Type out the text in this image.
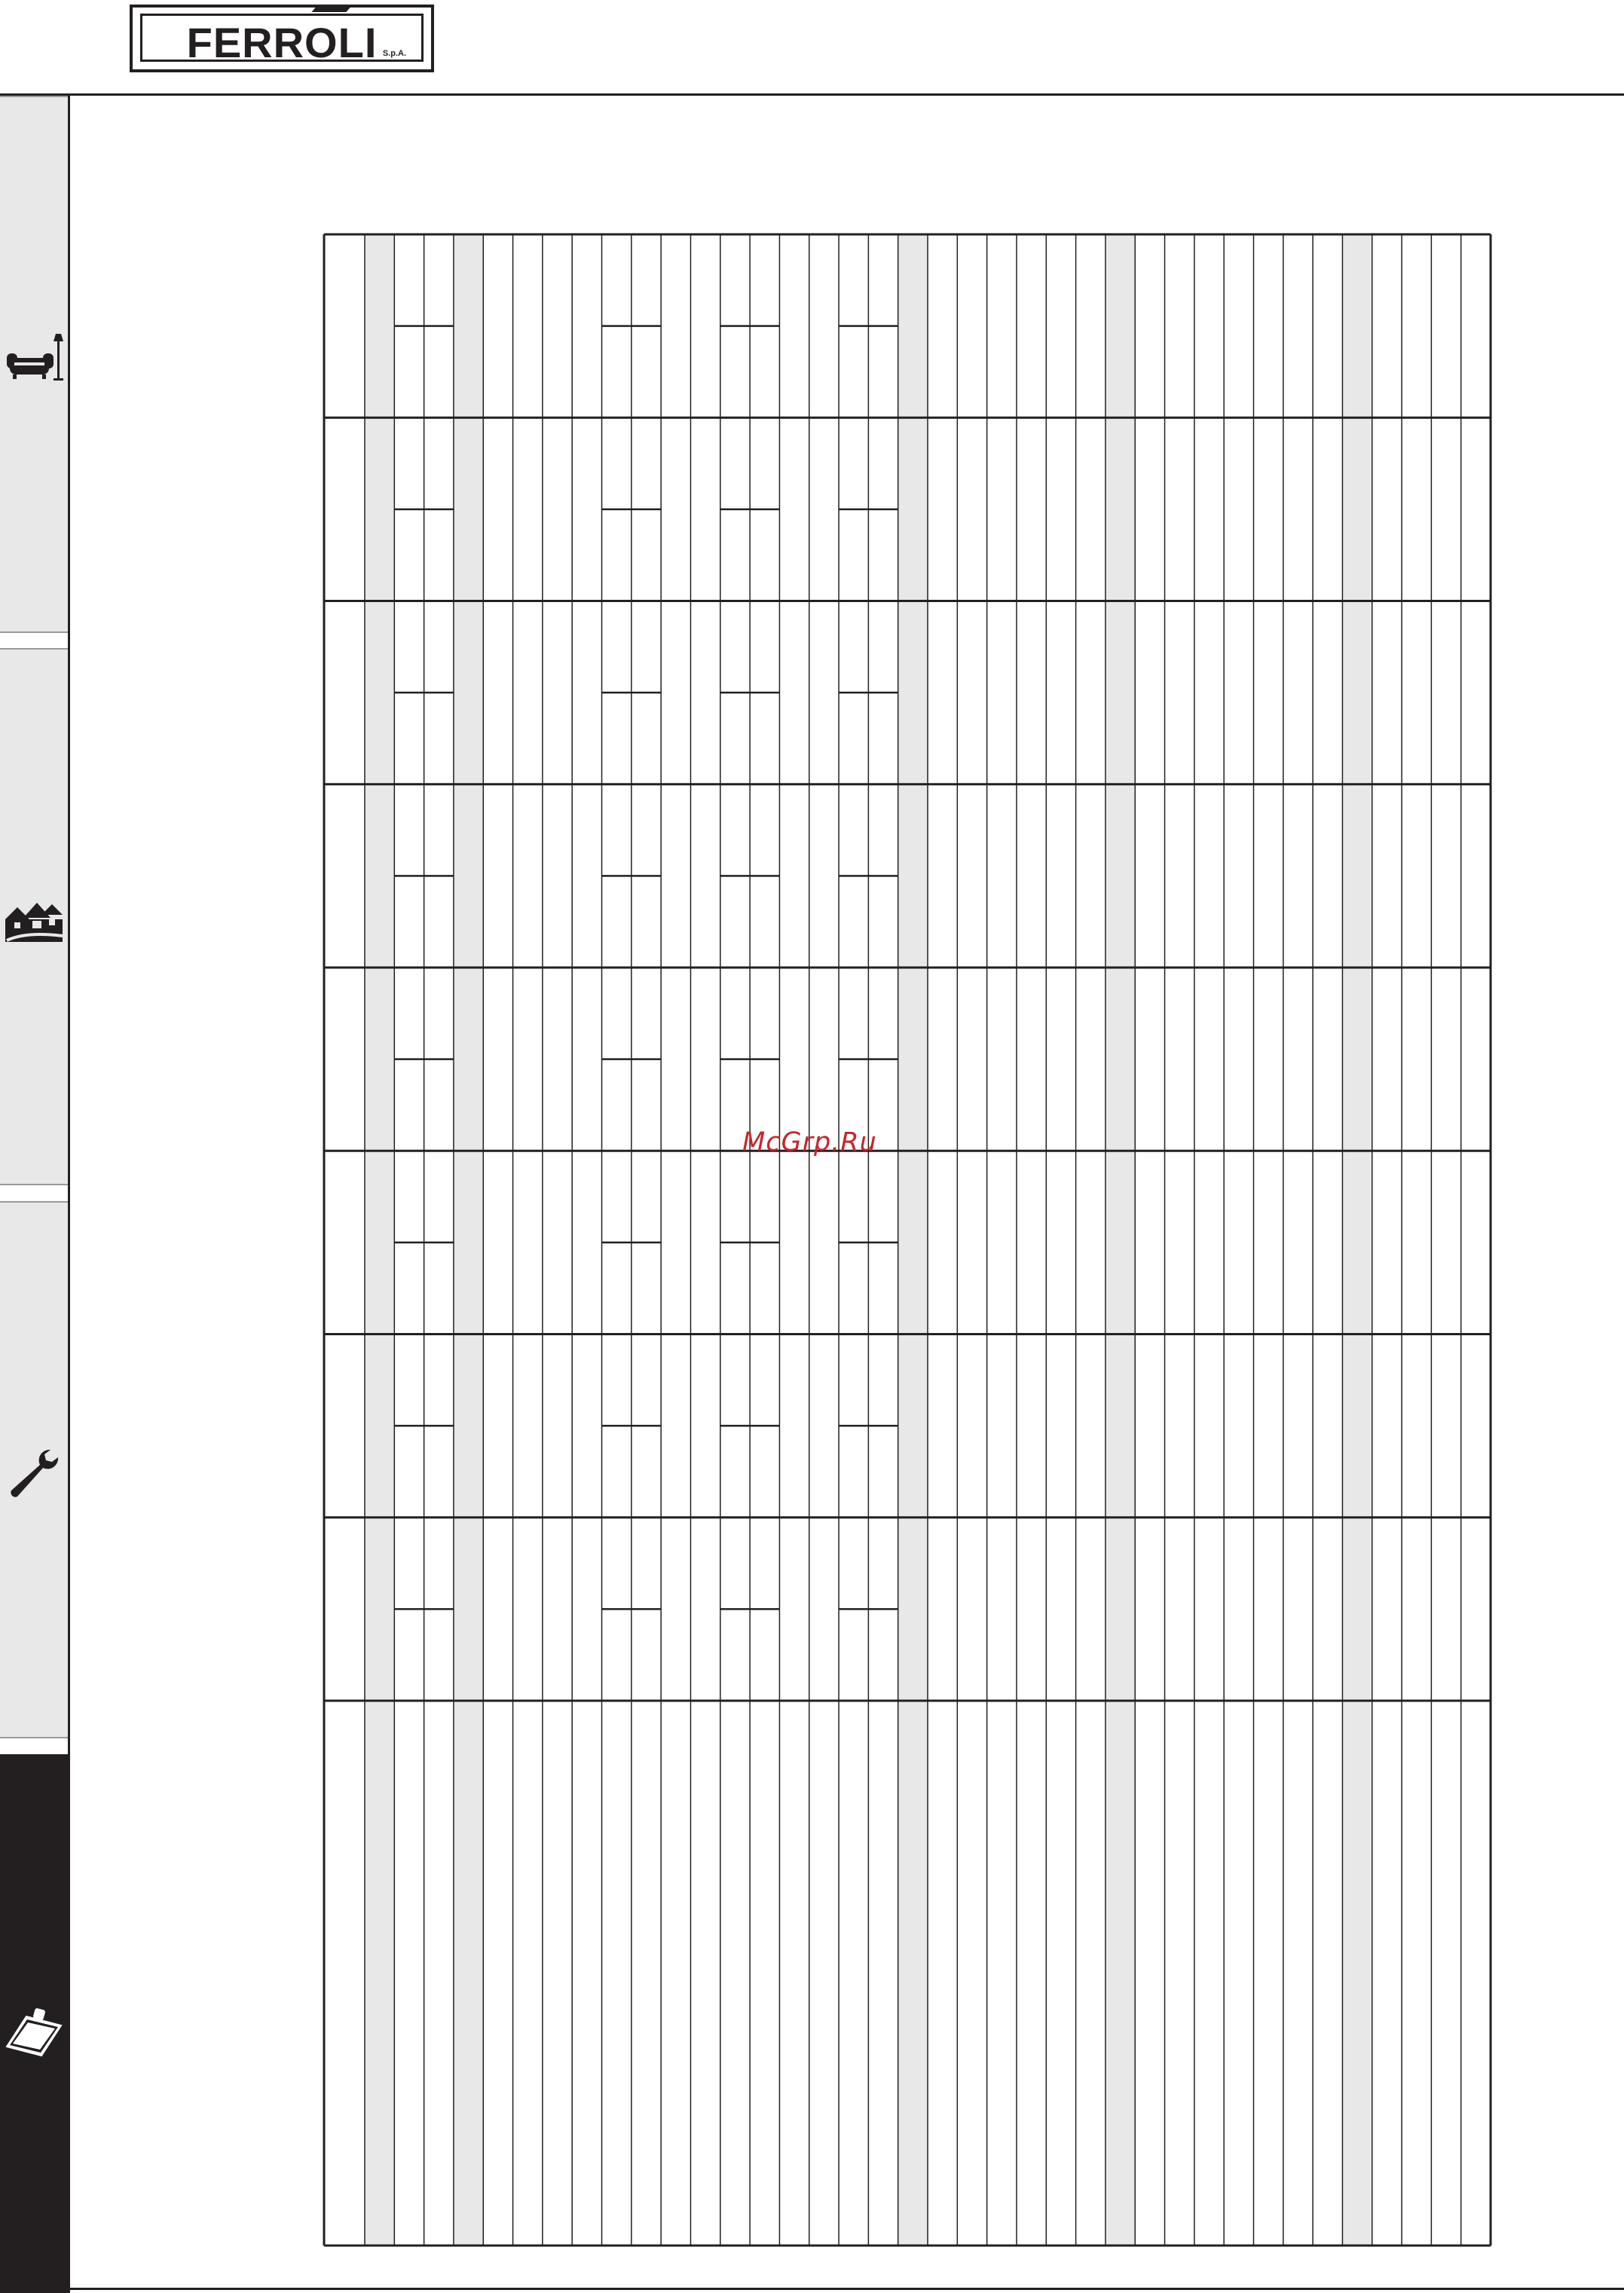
FERROLI S.p.A.
McGrp.Ru
